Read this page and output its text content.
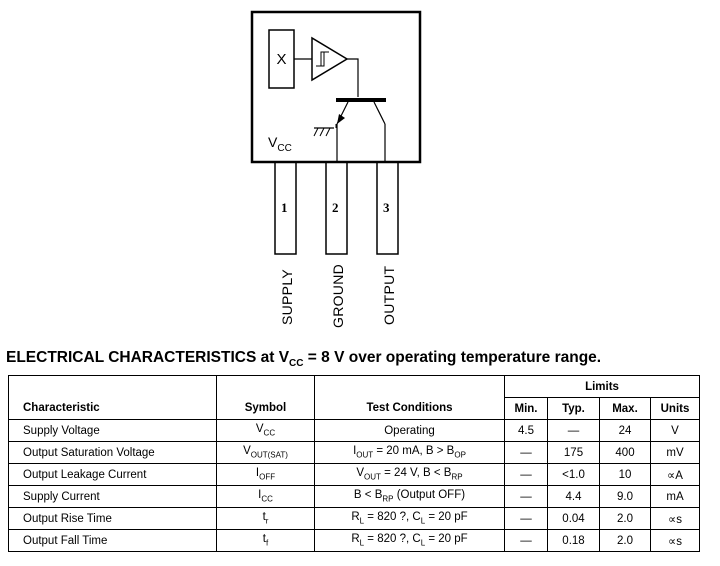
X
$V_{CC}$
1	2	3
SUPPLY	GROUND	OUTPUT
ELECTRICAL CHARACTERISTICS at $V_{CC} = 8$ V over operating temperature range.
			Limits			
Characteristic	Symbol	Test Conditions	Min.	Typ.	Max.	Units
Supply Voltage	$V_{CC}$	Operating	4.5	—	24	V
Output Saturation Voltage	$V_{OUT(SAT)}$	$I_{OUT} = 20$ mA, $B > B_{OP}$	—	175	400	mV
Output Leakage Current	$I_{OFF}$	$V_{OUT} = 24$ V, $B < B_{RP}$	—	<1.0	10	∝A
Supply Current	$I_{CC}$	$B < B_{RP}$ (Output OFF)	—	4.4	9.0	mA
Output Rise Time	$t_r$	$R_L = 820$ ?, $C_L = 20$ pF	—	0.04	2.0	∝s
Output Fall Time	$t_f$	$R_L = 820$ ?, $C_L = 20$ pF	—	0.18	2.0	∝s
